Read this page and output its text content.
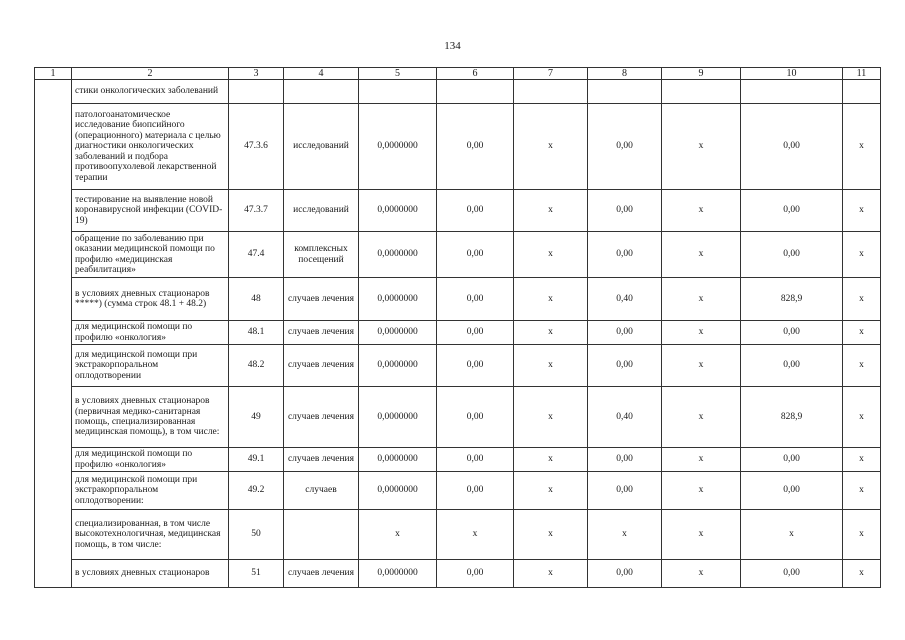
134
1	2	3	4	5	6	7	8	9	10	11
	стики онкологических заболеваний									
	патологоанатомическое исследование биопсийного (операционного) материала с целью диагностики онкологических заболеваний и подбора противоопухолевой лекарственной терапии	47.3.6	исследований	0,0000000	0,00	х	0,00	х	0,00	х
	тестирование на выявление новой коронавирусной инфекции (COVID-19)	47.3.7	исследований	0,0000000	0,00	х	0,00	х	0,00	х
	обращение по заболеванию при оказании медицинской помощи по профилю «медицинская реабилитация»	47.4	комплексных посещений	0,0000000	0,00	х	0,00	х	0,00	х
	в условиях дневных стационаров *****) (сумма строк 48.1 + 48.2)	48	случаев лечения	0,0000000	0,00	х	0,40	х	828,9	х
	для медицинской помощи по профилю «онкология»	48.1	случаев лечения	0,0000000	0,00	х	0,00	х	0,00	х
	для медицинской помощи при экстракорпоральном оплодотворении	48.2	случаев лечения	0,0000000	0,00	х	0,00	х	0,00	х
	в условиях дневных стационаров (первичная медико-санитарная помощь, специализированная медицинская помощь), в том числе:	49	случаев лечения	0,0000000	0,00	х	0,40	х	828,9	х
	для медицинской помощи по профилю «онкология»	49.1	случаев лечения	0,0000000	0,00	х	0,00	х	0,00	х
	для медицинской помощи при экстракорпоральном оплодотворении:	49.2	случаев	0,0000000	0,00	х	0,00	х	0,00	х
	специализированная, в том числе высокотехнологичная, медицинская помощь, в том числе:	50		х	х	х	х	х	х	х
	в условиях дневных стационаров	51	случаев лечения	0,0000000	0,00	х	0,00	х	0,00	х
